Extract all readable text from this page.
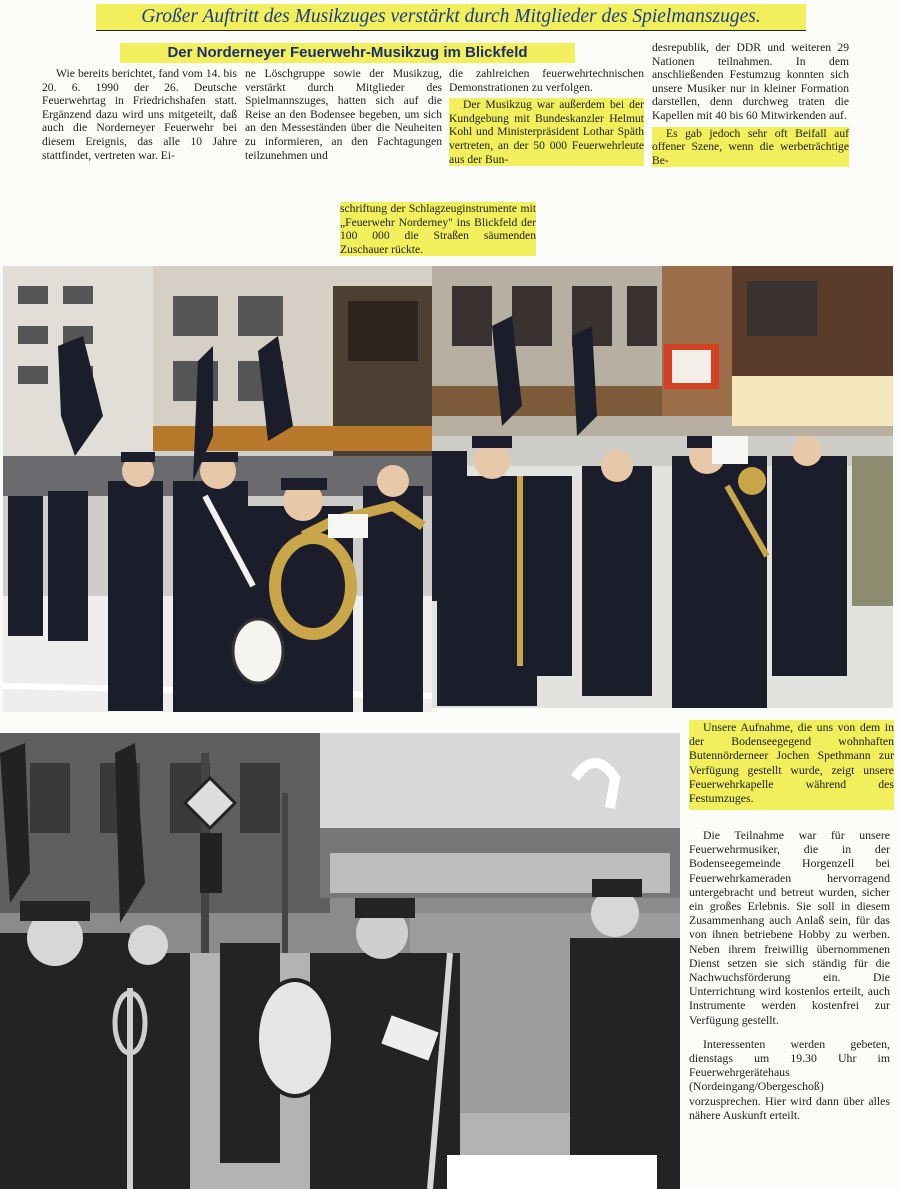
Großer Auftritt des Musikzuges verstärkt durch Mitglieder des Spielmanszuges.
Der Norderneyer Feuerwehr-Musikzug im Blickfeld

Wie bereits berichtet, fand vom 14. bis 20. 6. 1990 der 26. Deutsche Feuerwehrtag in Friedrichshafen statt. Ergänzend dazu wird uns mitgeteilt, daß auch die Norderneyer Feuerwehr bei diesem Ereignis, das alle 10 Jahre stattfindet, vertreten war. Ei-

ne Löschgruppe sowie der Musikzug, verstärkt durch Mitglieder des Spielmannszuges, hatten sich auf die Reise an den Bodensee begeben, um sich an den Messeständen über die Neuheiten zu informieren, an den Fachtagungen teilzunehmen und

die zahlreichen feuerwehrtechnischen Demonstrationen zu verfolgen.

Der Musikzug war außerdem bei der Kundgebung mit Bundeskanzler Helmut Kohl und Ministerpräsident Lothar Späth vertreten, an der 50 000 Feuerwehrleute aus der Bun-

desrepublik, der DDR und weiteren 29 Nationen teilnahmen. In dem anschließenden Festumzug konnten sich unsere Musiker nur in kleiner Formation darstellen, denn durchweg traten die Kapellen mit 40 bis 60 Mitwirkenden auf.

Es gab jedoch sehr oft Beifall auf offener Szene, wenn die werbeträchtige Be-

schriftung der Schlagzeuginstrumente mit „Feuerwehr Norderney" ins Blickfeld der 100 000 die Straßen säumenden Zuschauer rückte.

Unsere Aufnahme, die uns von dem in der Bodenseegegend wohnhaften Butennörderneer Jochen Spethmann zur Verfügung gestellt wurde, zeigt unsere Feuerwehrkapelle während des Festumzuges.

Die Teilnahme war für unsere Feuerwehrmusiker, die in der Bodenseegemeinde Horgenzell bei Feuerwehrkameraden hervorragend untergebracht und betreut wurden, sicher ein großes Erlebnis. Sie soll in diesem Zusammenhang auch Anlaß sein, für das von ihnen betriebene Hobby zu werben. Neben ihrem freiwillig übernommenen Dienst setzen sie sich ständig für die Nachwuchsförderung ein. Die Unterrichtung wird kostenlos erteilt, auch Instrumente werden kostenfrei zur Verfügung gestellt.

Interessenten werden gebeten, dienstags um 19.30 Uhr im Feuerwehrgerätehaus (Nordeingang/Obergeschoß) vorzusprechen. Hier wird dann über alles nähere Auskunft erteilt.
